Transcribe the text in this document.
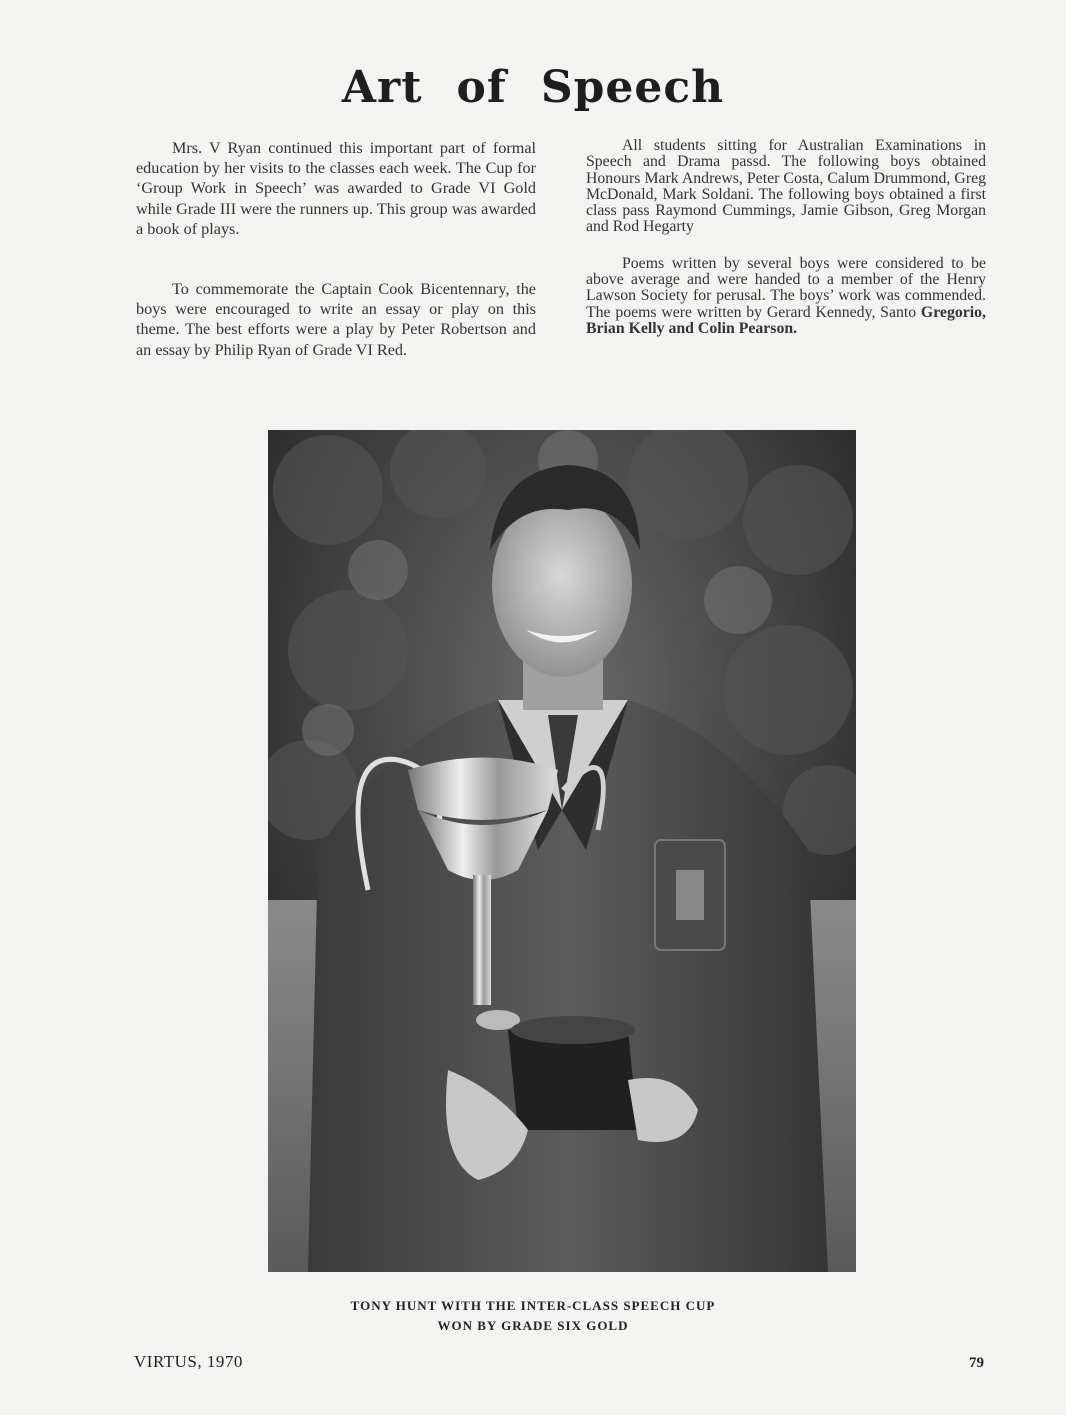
Art of Speech

Mrs. V Ryan continued this important part of formal education by her visits to the classes each week. The Cup for ‘Group Work in Speech’ was awarded to Grade VI Gold while Grade III were the runners up. This group was awarded a book of plays.

To commemorate the Captain Cook Bicentennary, the boys were encouraged to write an essay or play on this theme. The best efforts were a play by Peter Robertson and an essay by Philip Ryan of Grade VI Red.

All students sitting for Australian Examinations in Speech and Drama passd. The following boys obtained Honours Mark Andrews, Peter Costa, Calum Drummond, Greg McDonald, Mark Soldani. The following boys obtained a first class pass Raymond Cummings, Jamie Gibson, Greg Morgan and Rod Hegarty

Poems written by several boys were considered to be above average and were handed to a member of the Henry Lawson Society for perusal. The boys’ work was commended. The poems were written by Gerard Kennedy, Santo Gregorio, Brian Kelly and Colin Pearson.

TONY HUNT WITH THE INTER-CLASS SPEECH CUP
WON BY GRADE SIX GOLD
VIRTUS, 1970	79
